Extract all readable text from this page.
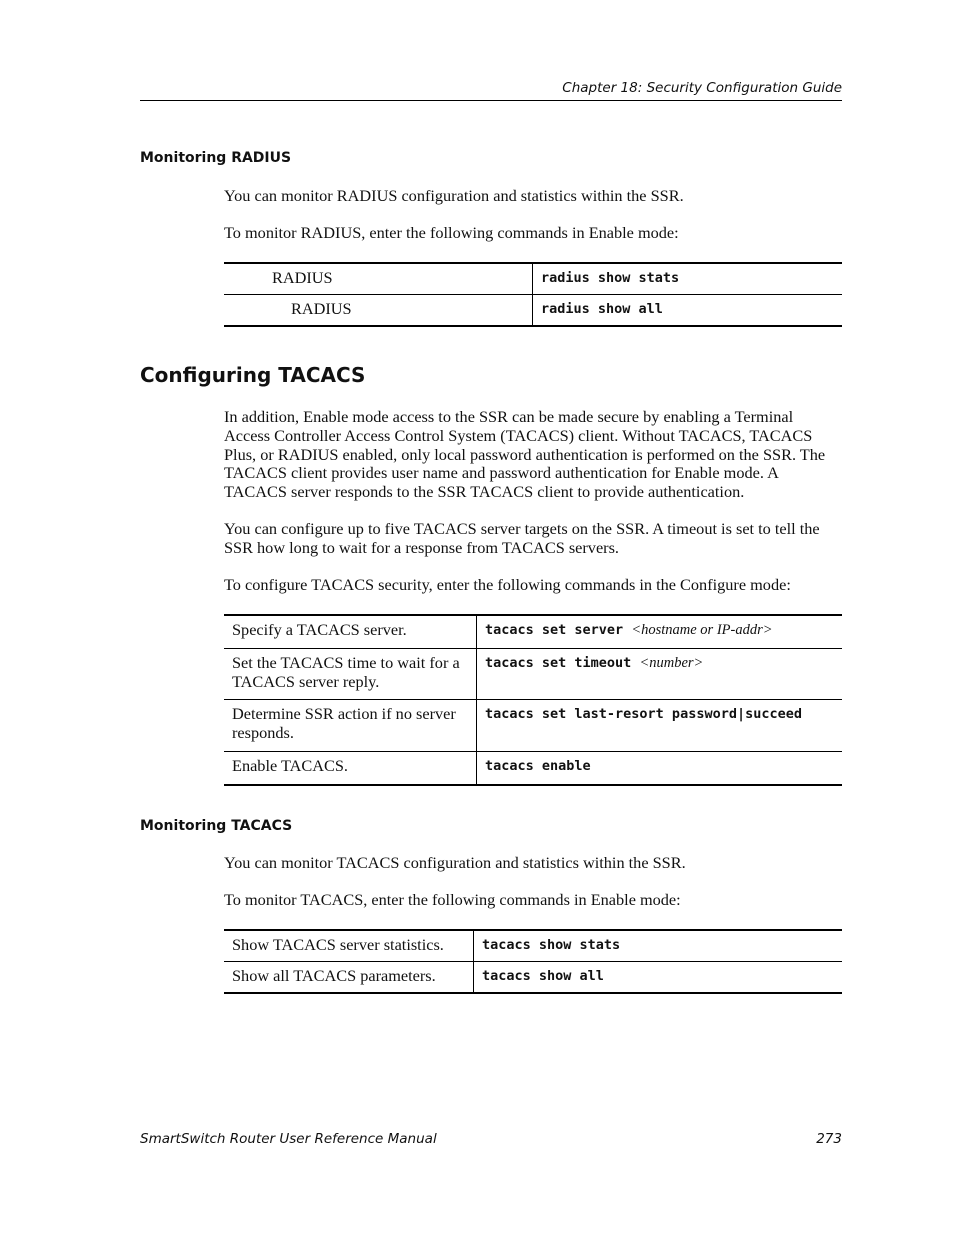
Chapter 18: Security Configuration Guide
Monitoring RADIUS

You can monitor RADIUS configuration and statistics within the SSR.

To monitor RADIUS, enter the following commands in Enable mode:

RADIUS	radius show stats
RADIUS	radius show all
Configuring TACACS

In addition, Enable mode access to the SSR can be made secure by enabling a Terminal Access Controller Access Control System (TACACS) client. Without TACACS, TACACS Plus, or RADIUS enabled, only local password authentication is performed on the SSR. The TACACS client provides user name and password authentication for Enable mode. A TACACS server responds to the SSR TACACS client to provide authentication.

You can configure up to five TACACS server targets on the SSR. A timeout is set to tell the SSR how long to wait for a response from TACACS servers.

To configure TACACS security, enter the following commands in the Configure mode:

Specify a TACACS server.	tacacs set server <hostname or IP-addr>
Set the TACACS time to wait for a TACACS server reply.	tacacs set timeout <number>
Determine SSR action if no server responds.	tacacs set last-resort password|succeed
Enable TACACS.	tacacs enable
Monitoring TACACS

You can monitor TACACS configuration and statistics within the SSR.

To monitor TACACS, enter the following commands in Enable mode:

Show TACACS server statistics.	tacacs show stats
Show all TACACS parameters.	tacacs show all
SmartSwitch Router User Reference Manual	273
